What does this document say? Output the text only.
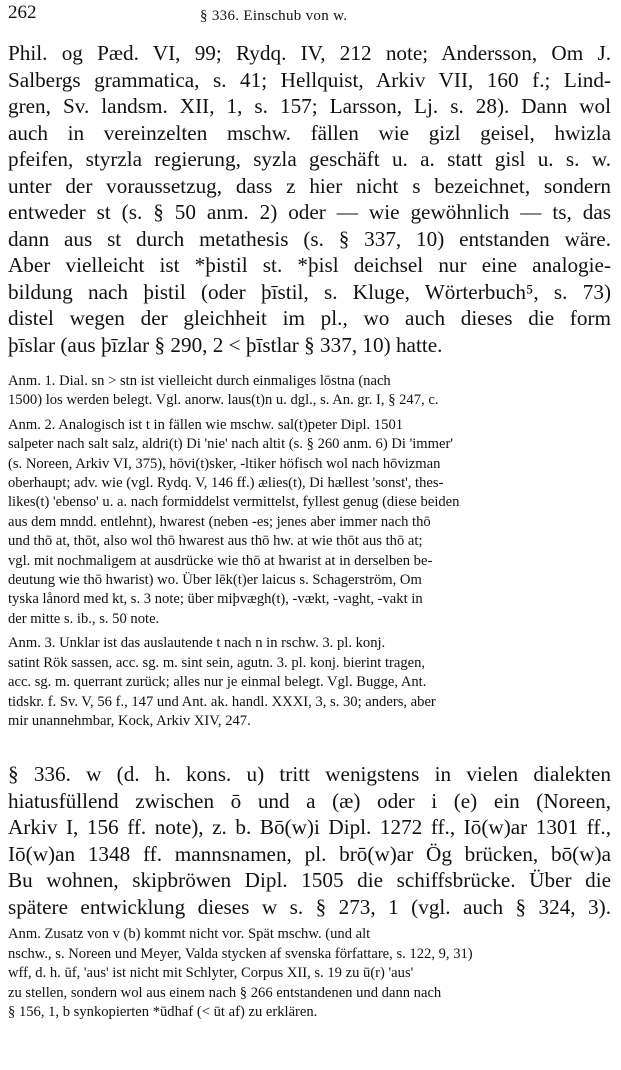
262	§ 336. Einschub von w.
Phil. og Pæd. VI, 99; Rydq. IV, 212 note; Andersson, Om J.
Salbergs grammatica, s. 41; Hellquist, Arkiv VII, 160 f.; Lind-
gren, Sv. landsm. XII, 1, s. 157; Larsson, Lj. s. 28). Dann wol
auch in vereinzelten mschw. fällen wie gizl geisel, hwizla
pfeifen, styrzla regierung, syzla geschäft u. a. statt gisl u. s. w.
unter der voraussetzug, dass z hier nicht s bezeichnet, sondern
entweder st (s. § 50 anm. 2) oder — wie gewöhnlich — ts, das
dann aus st durch metathesis (s. § 337, 10) entstanden wäre.
Aber vielleicht ist *þistil st. *þisl deichsel nur eine analogie-
bildung nach þistil (oder þīstil, s. Kluge, Wörterbuch⁵, s. 73)
distel wegen der gleichheit im pl., wo auch dieses die form
þīslar (aus þīzlar § 290, 2 < þīstlar § 337, 10) hatte.
Anm. 1. Dial. sn > stn ist vielleicht durch einmaliges lōstna (nach
1500) los werden belegt. Vgl. anorw. laus(t)n u. dgl., s. An. gr. I, § 247, c.
Anm. 2. Analogisch ist t in fällen wie mschw. sal(t)peter Dipl. 1501
salpeter nach salt salz, aldri(t) Di 'nie' nach altit (s. § 260 anm. 6) Di 'immer'
(s. Noreen, Arkiv VI, 375), hōvi(t)sker, -ltiker höfisch wol nach hōvizman
oberhaupt; adv. wie (vgl. Rydq. V, 146 ff.) ælies(t), Di hællest 'sonst', thes-
likes(t) 'ebenso' u. a. nach formiddelst vermittelst, fyllest genug (diese beiden
aus dem mndd. entlehnt), hwarest (neben -es; jenes aber immer nach thō
und thō at, thōt, also wol thō hwarest aus thō hw. at wie thōt aus thō at;
vgl. mit nochmaligem at ausdrücke wie thō at hwarist at in derselben be-
deutung wie thō hwarist) wo. Über lēk(t)er laicus s. Schagerström, Om
tyska lånord med kt, s. 3 note; über miþvægh(t), -vækt, -vaght, -vakt in
der mitte s. ib., s. 50 note.
Anm. 3. Unklar ist das auslautende t nach n in rschw. 3. pl. konj.
satint Rök sassen, acc. sg. m. sint sein, agutn. 3. pl. konj. bierint tragen,
acc. sg. m. querrant zurück; alles nur je einmal belegt. Vgl. Bugge, Ant.
tidskr. f. Sv. V, 56 f., 147 und Ant. ak. handl. XXXI, 3, s. 30; anders, aber
mir unannehmbar, Kock, Arkiv XIV, 247.
§ 336. w (d. h. kons. u) tritt wenigstens in vielen dialekten
hiatusfüllend zwischen ō und a (æ) oder i (e) ein (Noreen,
Arkiv I, 156 ff. note), z. b. Bō(w)i Dipl. 1272 ff., Iō(w)ar 1301 ff.,
Iō(w)an 1348 ff. mannsnamen, pl. brō(w)ar Ög brücken, bō(w)a
Bu wohnen, skipbröwen Dipl. 1505 die schiffsbrücke. Über die
spätere entwicklung dieses w s. § 273, 1 (vgl. auch § 324, 3).
Anm. Zusatz von v (b) kommt nicht vor. Spät mschw. (und alt
nschw., s. Noreen und Meyer, Valda stycken af svenska författare, s. 122, 9, 31)
wff, d. h. ūf, 'aus' ist nicht mit Schlyter, Corpus XII, s. 19 zu ū(r) 'aus'
zu stellen, sondern wol aus einem nach § 266 entstandenen und dann nach
§ 156, 1, b synkopierten *ūdhaf (< ūt af) zu erklären.
